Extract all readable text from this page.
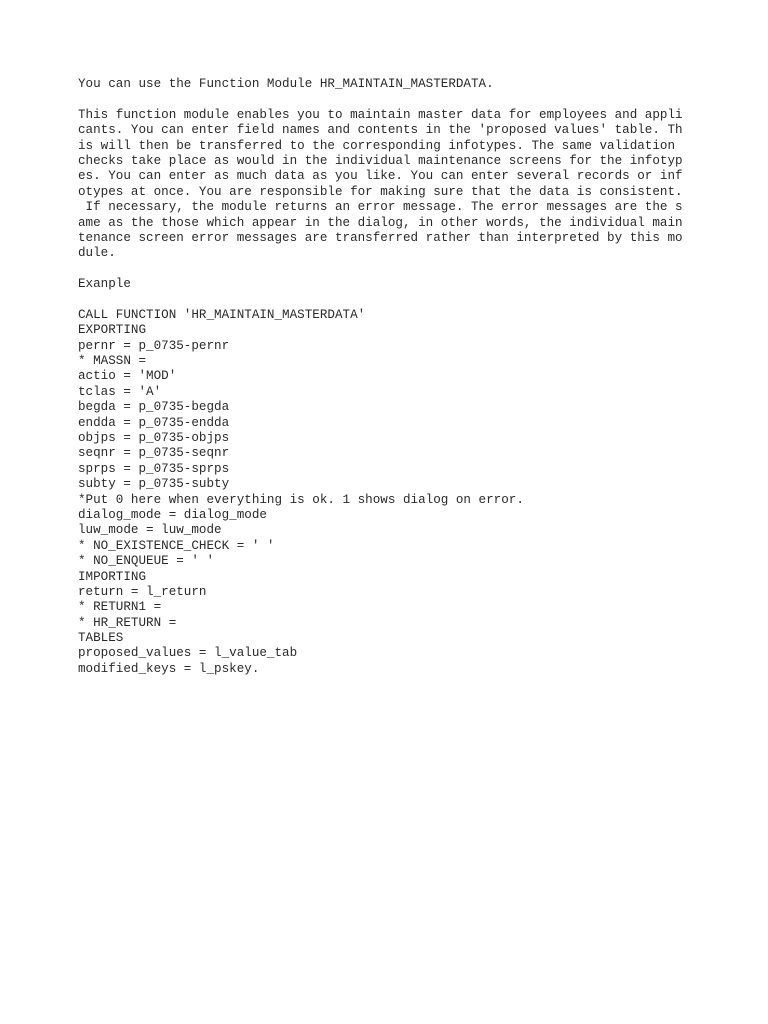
You can use the Function Module HR_MAINTAIN_MASTERDATA.
This function module enables you to maintain master data for employees and appli
cants. You can enter field names and contents in the 'proposed values' table. Th
is will then be transferred to the corresponding infotypes. The same validation
checks take place as would in the individual maintenance screens for the infotyp
es. You can enter as much data as you like. You can enter several records or inf
otypes at once. You are responsible for making sure that the data is consistent.
If necessary, the module returns an error message. The error messages are the s
ame as the those which appear in the dialog, in other words, the individual main
tenance screen error messages are transferred rather than interpreted by this mo
dule.
Exanple
CALL FUNCTION 'HR_MAINTAIN_MASTERDATA'
EXPORTING
pernr = p_0735-pernr
* MASSN =
actio = 'MOD'
tclas = 'A'
begda = p_0735-begda
endda = p_0735-endda
objps = p_0735-objps
seqnr = p_0735-seqnr
sprps = p_0735-sprps
subty = p_0735-subty
*Put 0 here when everything is ok. 1 shows dialog on error.
dialog_mode = dialog_mode
luw_mode = luw_mode
* NO_EXISTENCE_CHECK = ' '
* NO_ENQUEUE = ' '
IMPORTING
return = l_return
* RETURN1 =
* HR_RETURN =
TABLES
proposed_values = l_value_tab
modified_keys = l_pskey.
